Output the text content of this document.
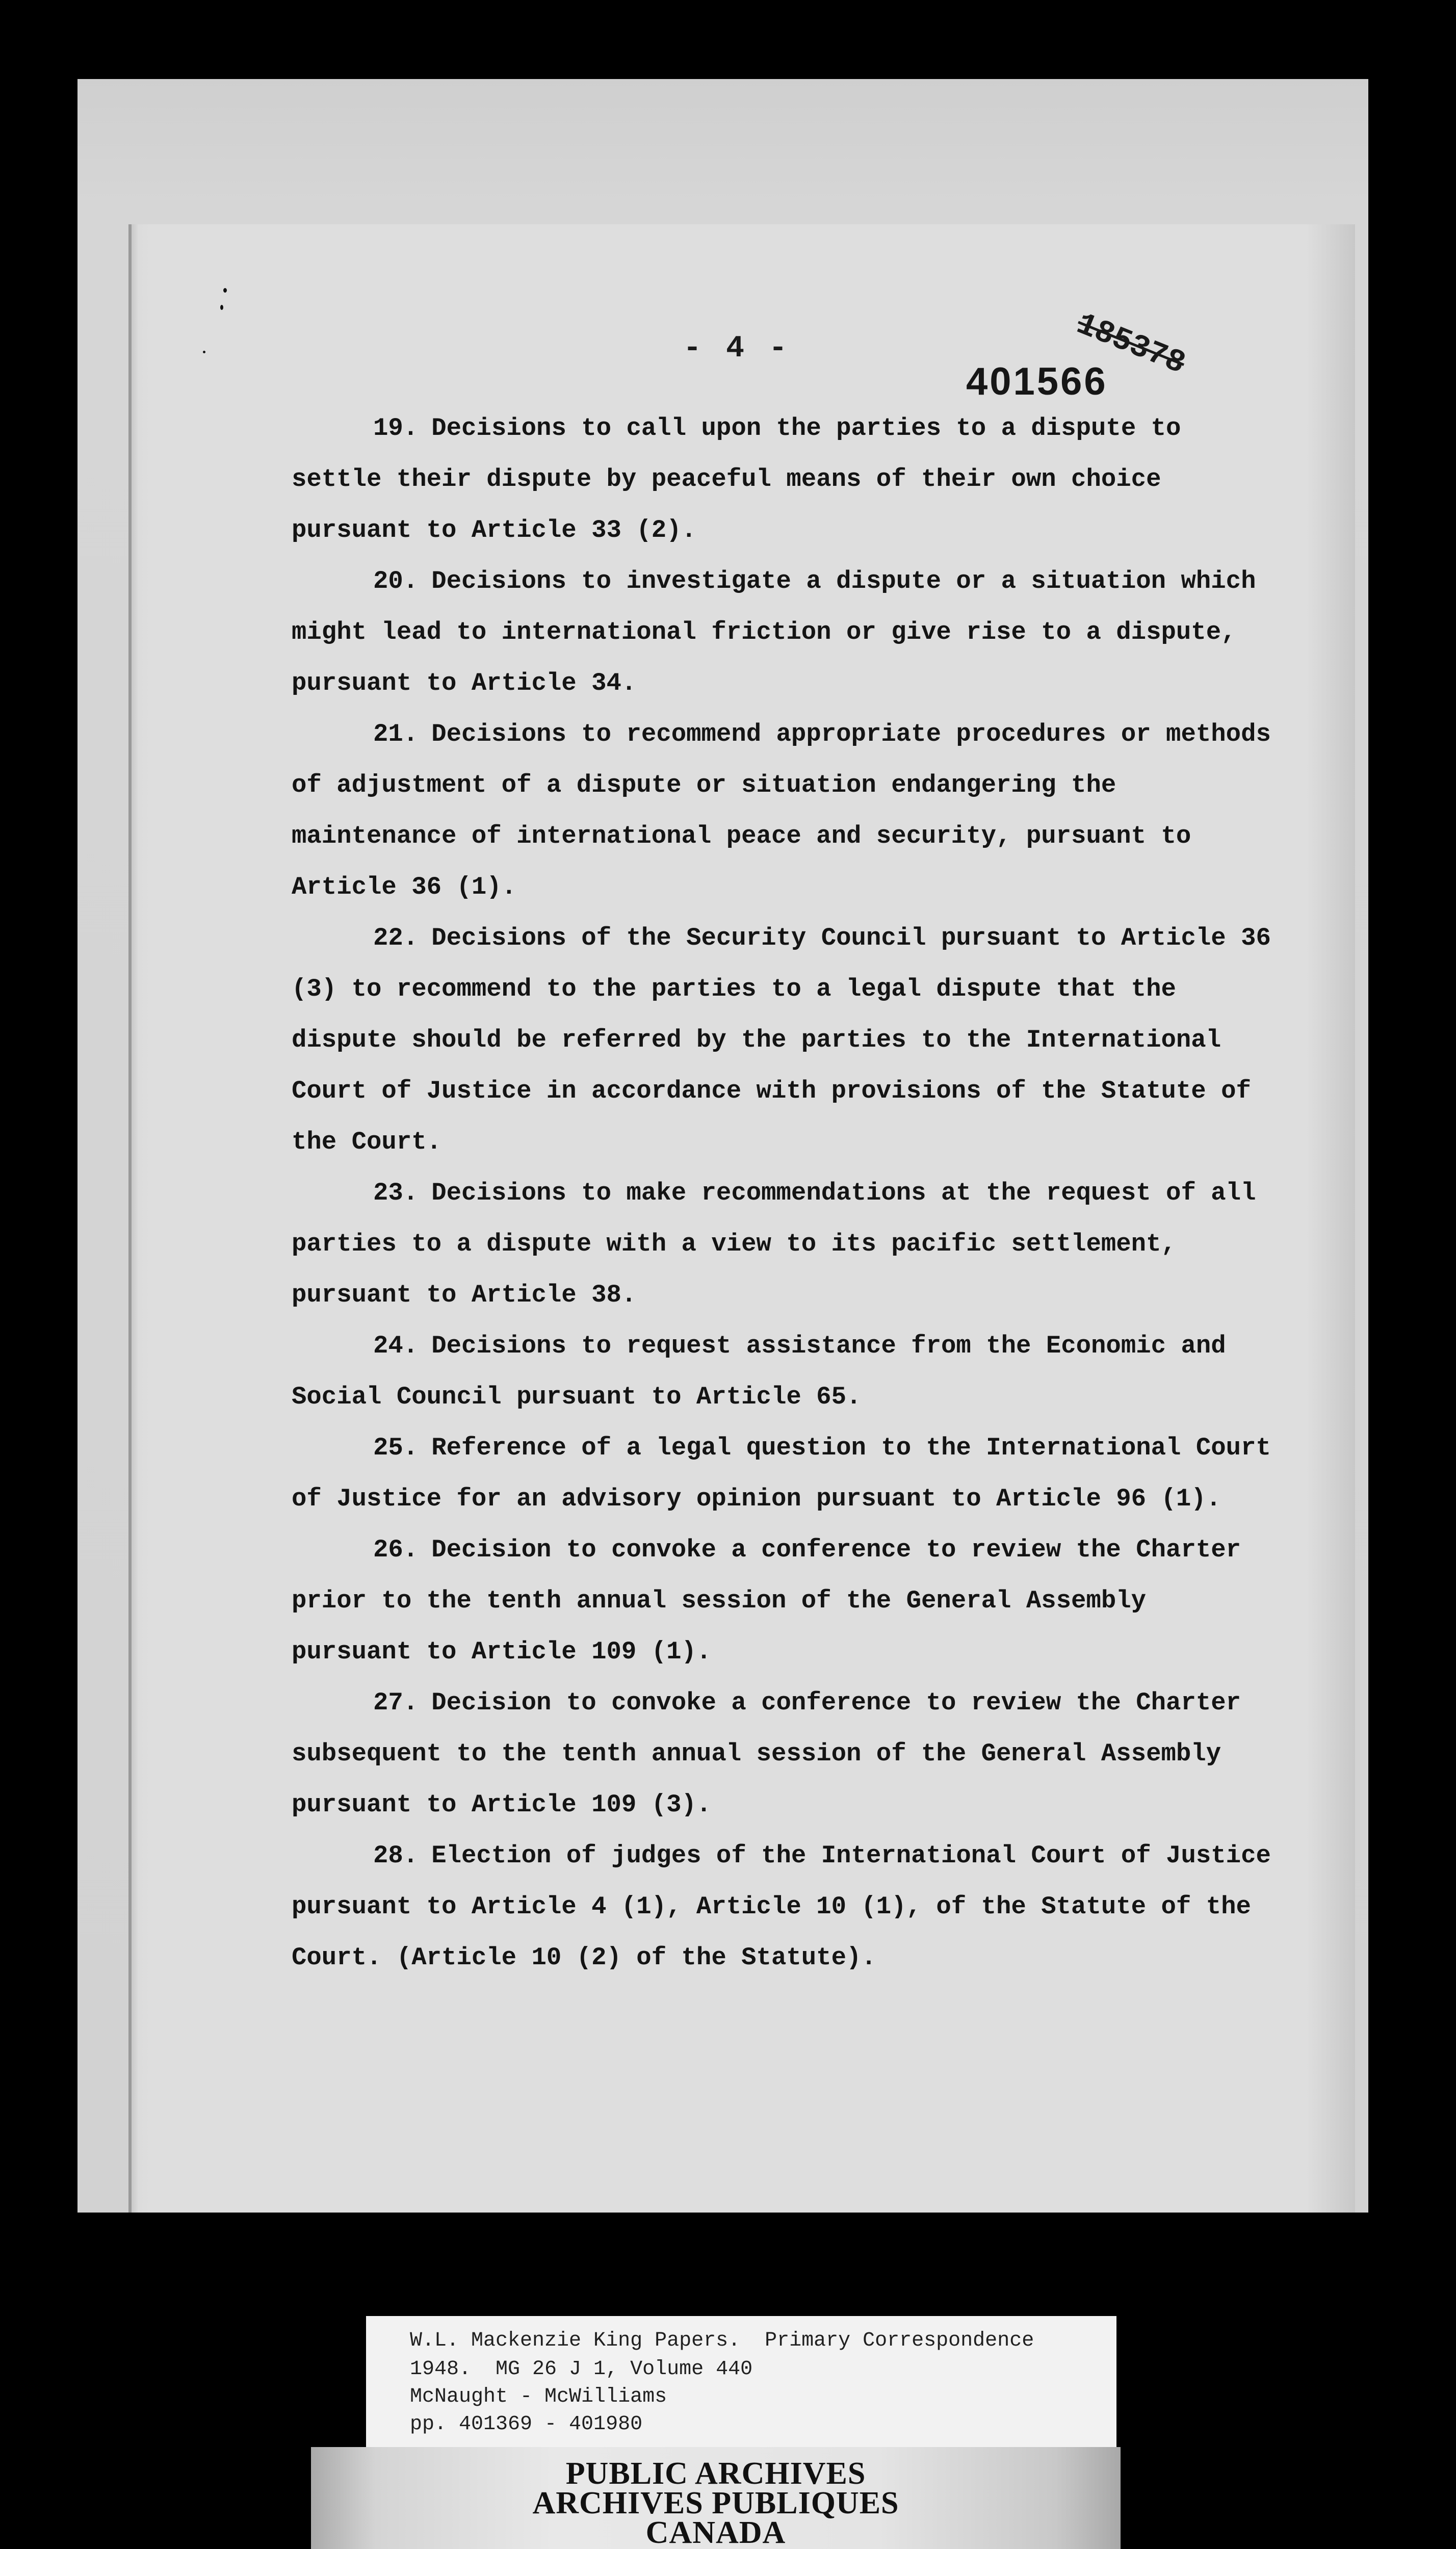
- 4 -	185378
401566

19. Decisions to call upon the parties to a dispute to settle their dispute by peaceful means of their own choice pursuant to Article 33 (2).

20. Decisions to investigate a dispute or a situation which might lead to international friction or give rise to a dispute, pursuant to Article 34.

21. Decisions to recommend appropriate procedures or methods of adjustment of a dispute or situation endangering the maintenance of international peace and security, pursuant to Article 36 (1).

22. Decisions of the Security Council pursuant to Article 36 (3) to recommend to the parties to a legal dispute that the dispute should be referred by the parties to the International Court of Justice in accordance with provisions of the Statute of the Court.

23. Decisions to make recommendations at the request of all parties to a dispute with a view to its pacific settlement, pursuant to Article 38.

24. Decisions to request assistance from the Economic and Social Council pursuant to Article 65.

25. Reference of a legal question to the International Court of Justice for an advisory opinion pursuant to Article 96 (1).

26. Decision to convoke a conference to review the Charter prior to the tenth annual session of the General Assembly pursuant to Article 109 (1).

27. Decision to convoke a conference to review the Charter subsequent to the tenth annual session of the General Assembly pursuant to Article 109 (3).

28. Election of judges of the International Court of Justice pursuant to Article 4 (1), Article 10 (1), of the Statute of the Court. (Article 10 (2) of the Statute).

W.L. Mackenzie King Papers.  Primary Correspondence
1948.  MG 26 J 1, Volume 440
McNaught - McWilliams
pp. 401369 - 401980
PUBLIC ARCHIVES
ARCHIVES PUBLIQUES
CANADA
